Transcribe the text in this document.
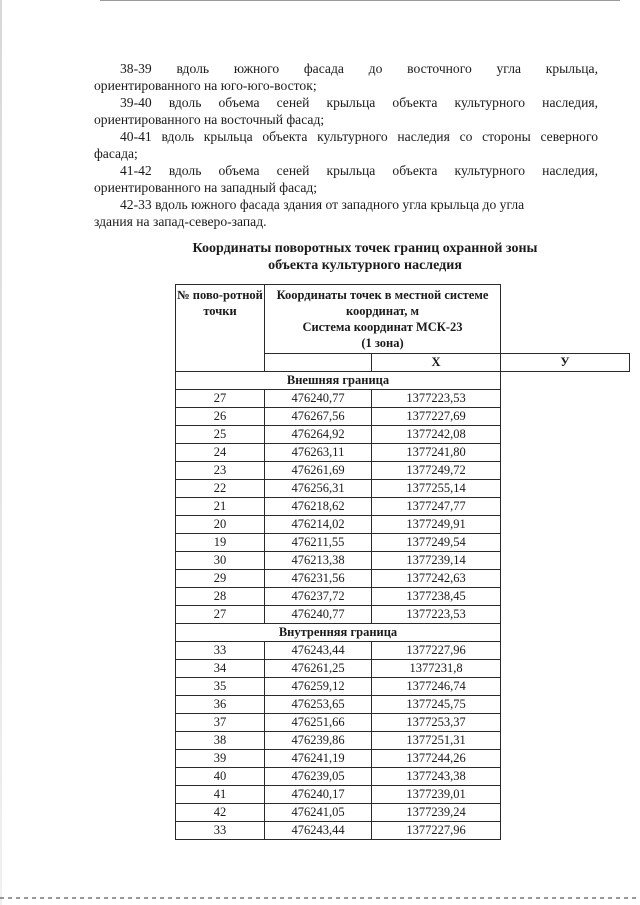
38-39 вдоль южного фасада до восточного угла крыльца,
ориентированного на юго-юго-восток;
39-40 вдоль объема сеней крыльца объекта культурного наследия,
ориентированного на восточный фасад;
40-41 вдоль крыльца объекта культурного наследия со стороны северного
фасада;
41-42 вдоль объема сеней крыльца объекта культурного наследия,
ориентированного на западный фасад;
42-33 вдоль южного фасада здания от западного угла крыльца до угла
здания на запад-северо-запад.
Координаты поворотных точек границ охранной зоны
объекта культурного наследия
№ пово-ротной точки	Координаты точек в местной системе координат, м
Система координат МСК-23
(1 зона)		

		X	У
Внешняя граница			
27	476240,77	1377223,53	
26	476267,56	1377227,69	
25	476264,92	1377242,08	
24	476263,11	1377241,80	
23	476261,69	1377249,72	
22	476256,31	1377255,14	
21	476218,62	1377247,77	
20	476214,02	1377249,91	
19	476211,55	1377249,54	
30	476213,38	1377239,14	
29	476231,56	1377242,63	
28	476237,72	1377238,45	
27	476240,77	1377223,53	
Внутренняя граница			
33	476243,44	1377227,96	
34	476261,25	1377231,8	
35	476259,12	1377246,74	
36	476253,65	1377245,75	
37	476251,66	1377253,37	
38	476239,86	1377251,31	
39	476241,19	1377244,26	
40	476239,05	1377243,38	
41	476240,17	1377239,01	
42	476241,05	1377239,24	
33	476243,44	1377227,96	
